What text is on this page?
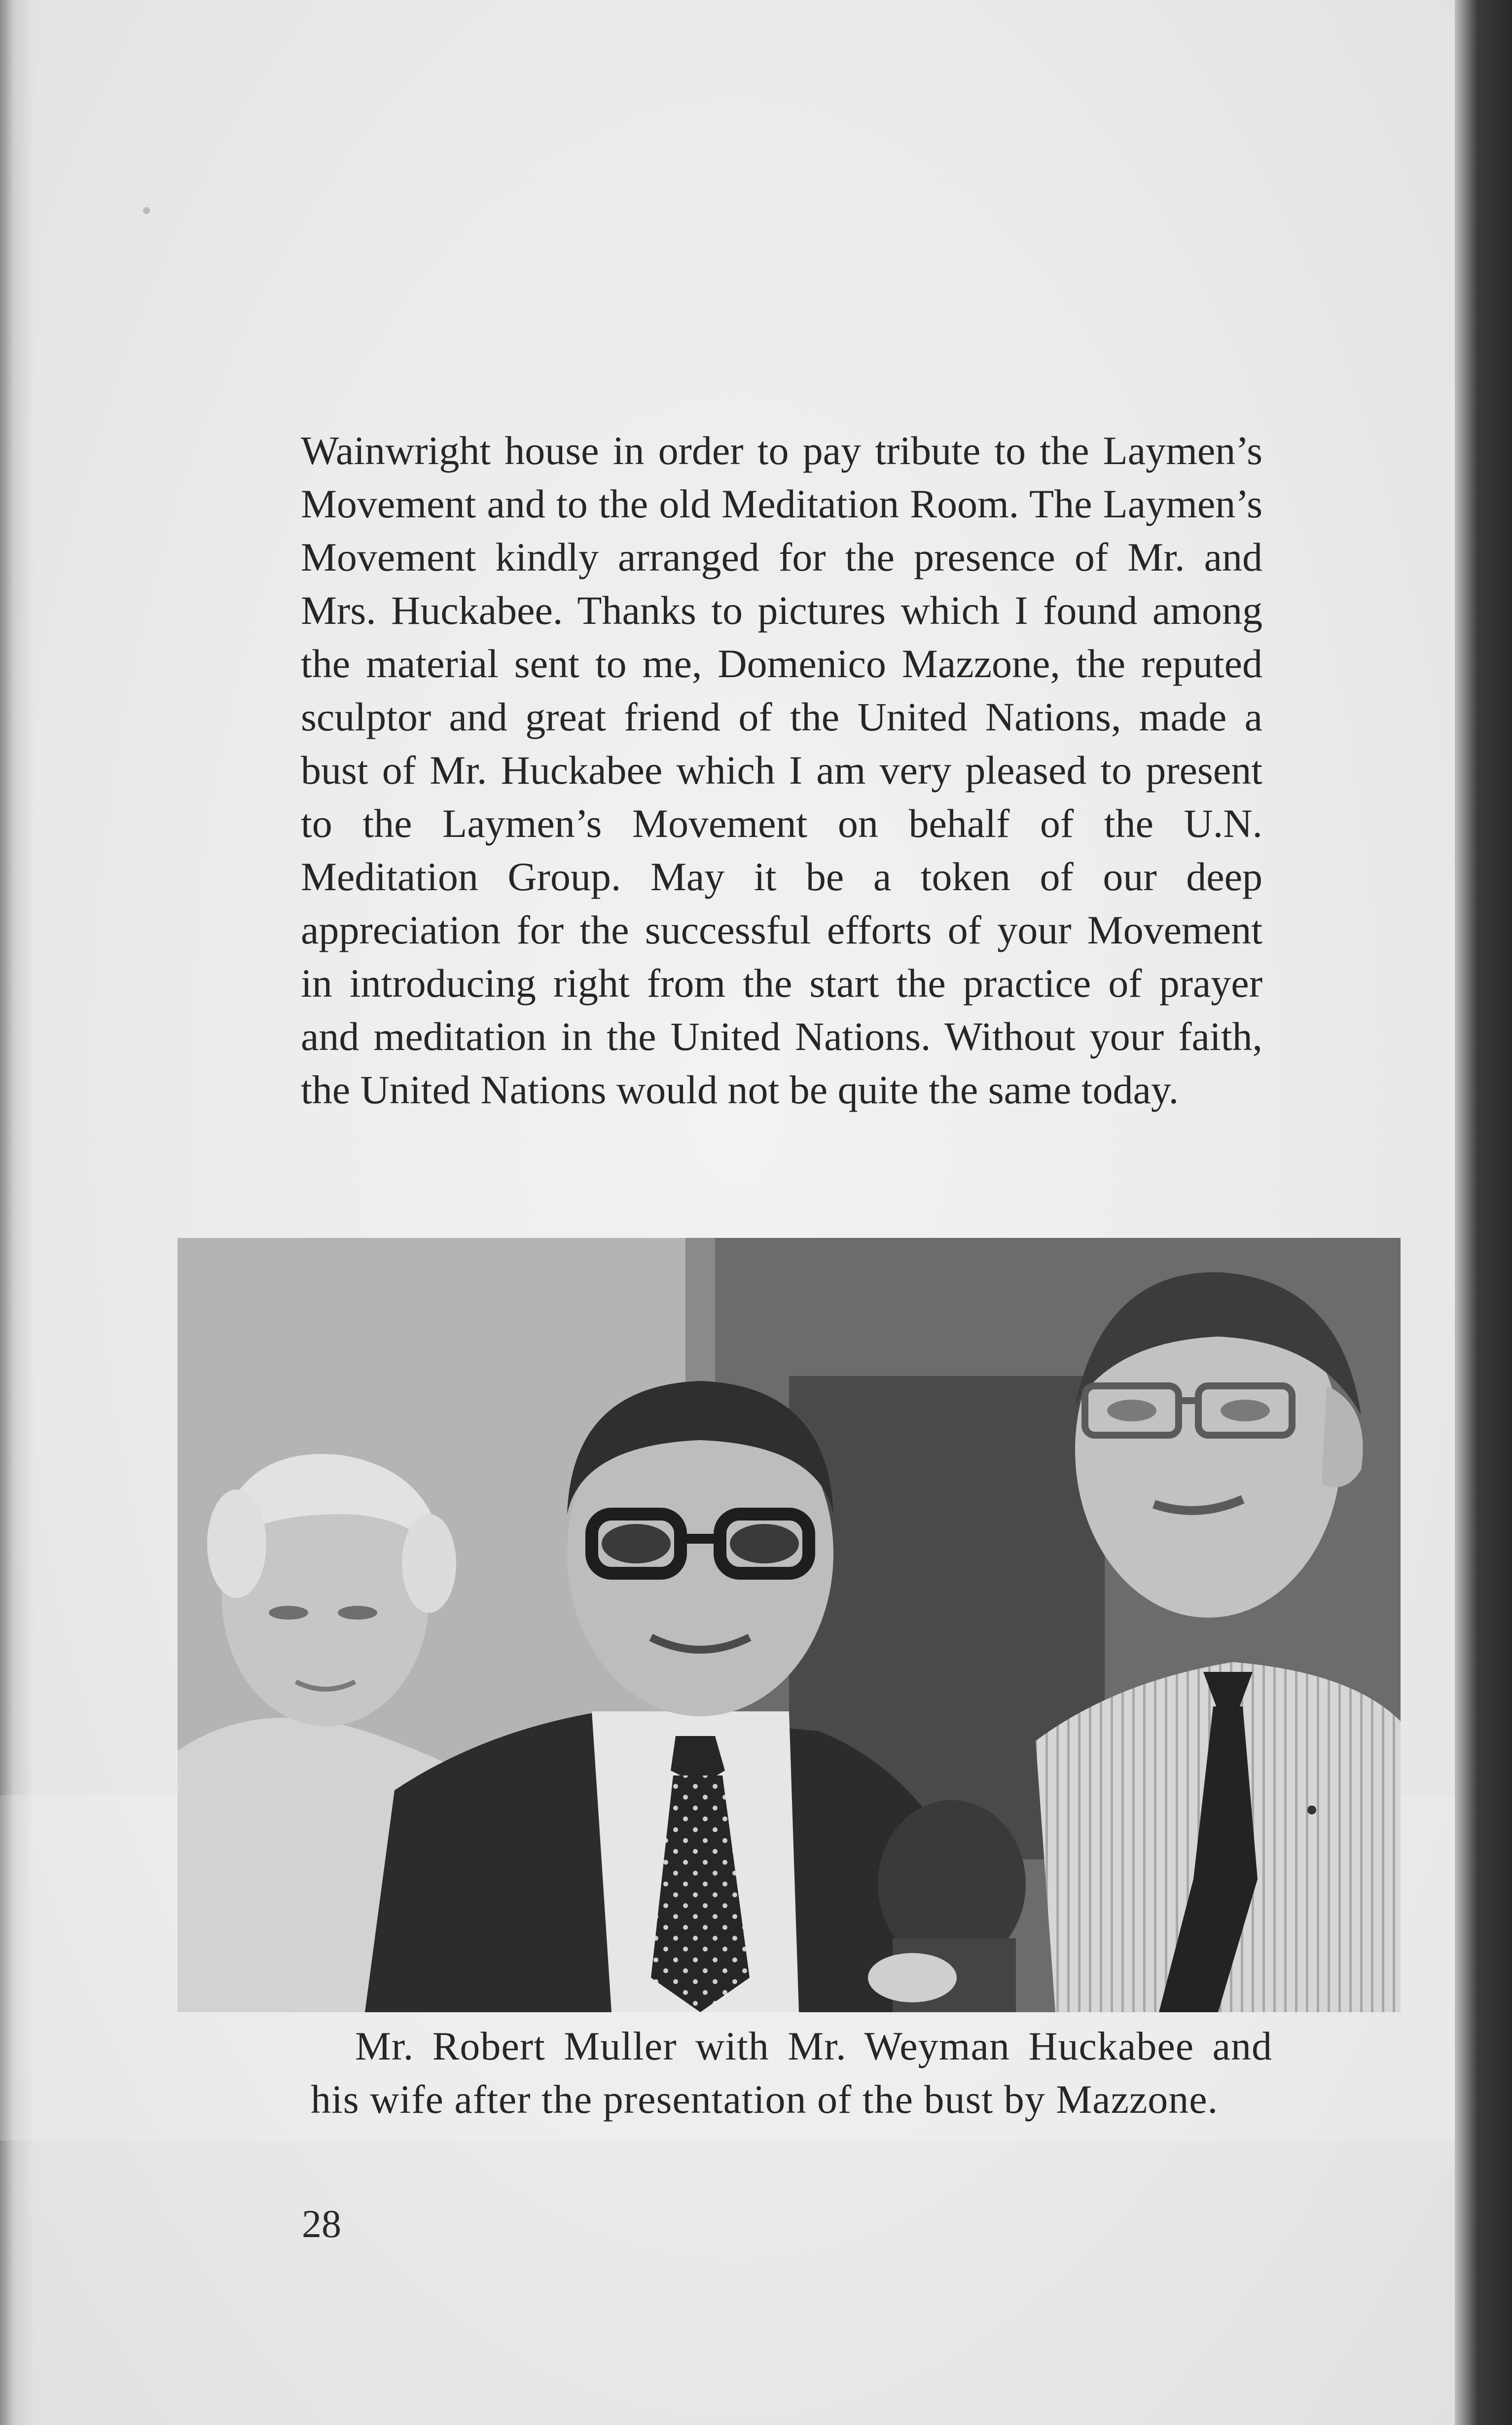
Wainwright house in order to pay tribute to the Laymen’s Movement and to the old Meditation Room. The Laymen’s Movement kindly arranged for the presence of Mr. and Mrs. Huckabee. Thanks to pictures which I found among the material sent to me, Domenico Mazzone, the reputed sculptor and great friend of the United Nations, made a bust of Mr. Huckabee which I am very pleased to present to the Laymen’s Movement on behalf of the U.N. Meditation Group. May it be a token of our deep appreciation for the successful efforts of your Movement in introducing right from the start the practice of prayer and meditation in the United Nations. Without your faith, the United Nations would not be quite the same today.

Mr. Robert Muller with Mr. Weyman Huckabee and his wife after the presentation of the bust by Mazzone.

28
